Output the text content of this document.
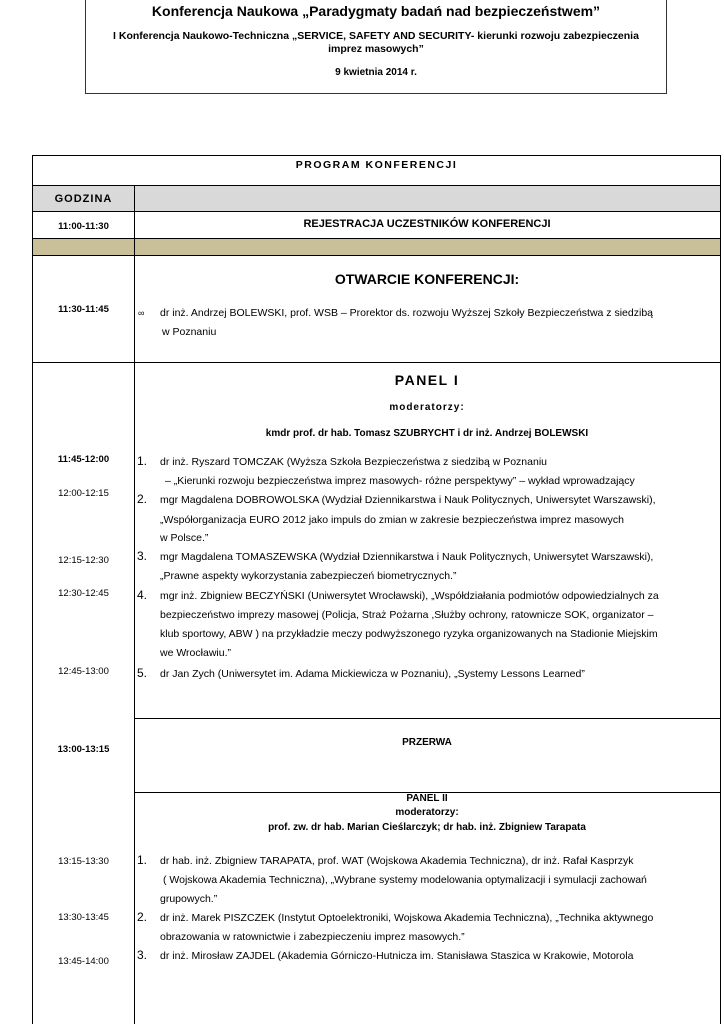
Konferencja Naukowa „Paradygmaty badań nad bezpieczeństwem”
I Konferencja Naukowo-Techniczna „SERVICE, SAFETY AND SECURITY- kierunki rozwoju zabezpieczenia imprez masowych”
9 kwietnia 2014 r.
PROGRAM KONFERENCJI
GODZINA
11:00-11:30	REJESTRACJA UCZESTNIKÓW KONFERENCJI
11:30-11:45
OTWARCIE KONFERENCJI:
∞ dr inż. Andrzej BOLEWSKI, prof. WSB – Prorektor ds. rozwoju Wyższej Szkoły Bezpieczeństwa z siedzibą
w Poznaniu
PANEL I
moderatorzy:
kmdr prof. dr hab. Tomasz SZUBRYCHT i dr inż. Andrzej BOLEWSKI
11:45-12:00
12:00-12:15
12:15-12:30
12:30-12:45
12:45-13:00
1. dr inż. Ryszard TOMCZAK (Wyższa Szkoła Bezpieczeństwa z siedzibą w Poznaniu
– „Kierunki rozwoju bezpieczeństwa imprez masowych- różne perspektywy” – wykład wprowadzający
2. mgr Magdalena DOBROWOLSKA (Wydział Dziennikarstwa i Nauk Politycznych, Uniwersytet Warszawski),
„Współorganizacja EURO 2012 jako impuls do zmian w zakresie bezpieczeństwa imprez masowych
w Polsce.”
3. mgr Magdalena TOMASZEWSKA (Wydział Dziennikarstwa i Nauk Politycznych, Uniwersytet Warszawski),
„Prawne aspekty wykorzystania zabezpieczeń biometrycznych.”
4. mgr inż. Zbigniew BECZYŃSKI (Uniwersytet Wrocławski), „Współdziałania podmiotów odpowiedzialnych za
bezpieczeństwo imprezy masowej (Policja, Straż Pożarna ,Służby ochrony, ratownicze SOK, organizator –
klub sportowy, ABW ) na przykładzie meczy podwyższonego ryzyka organizowanych na Stadionie Miejskim
we Wrocławiu.”
5. dr Jan Zych (Uniwersytet im. Adama Mickiewicza w Poznaniu), „Systemy Lessons Learned”
13:00-13:15
PRZERWA
PANEL II
moderatorzy:
prof. zw. dr hab. Marian Cieślarczyk; dr hab. inż. Zbigniew Tarapata
13:15-13:30
13:30-13:45
13:45-14:00
1. dr hab. inż. Zbigniew TARAPATA, prof. WAT (Wojskowa Akademia Techniczna), dr inż. Rafał Kasprzyk
( Wojskowa Akademia Techniczna), „Wybrane systemy modelowania optymalizacji i symulacji zachowań
grupowych.”
2. dr inż. Marek PISZCZEK (Instytut Optoelektroniki, Wojskowa Akademia Techniczna), „Technika aktywnego
obrazowania w ratownictwie i zabezpieczeniu imprez masowych.”
3. dr inż. Mirosław ZAJDEL (Akademia Górniczo-Hutnicza im. Stanisława Staszica w Krakowie, Motorola
